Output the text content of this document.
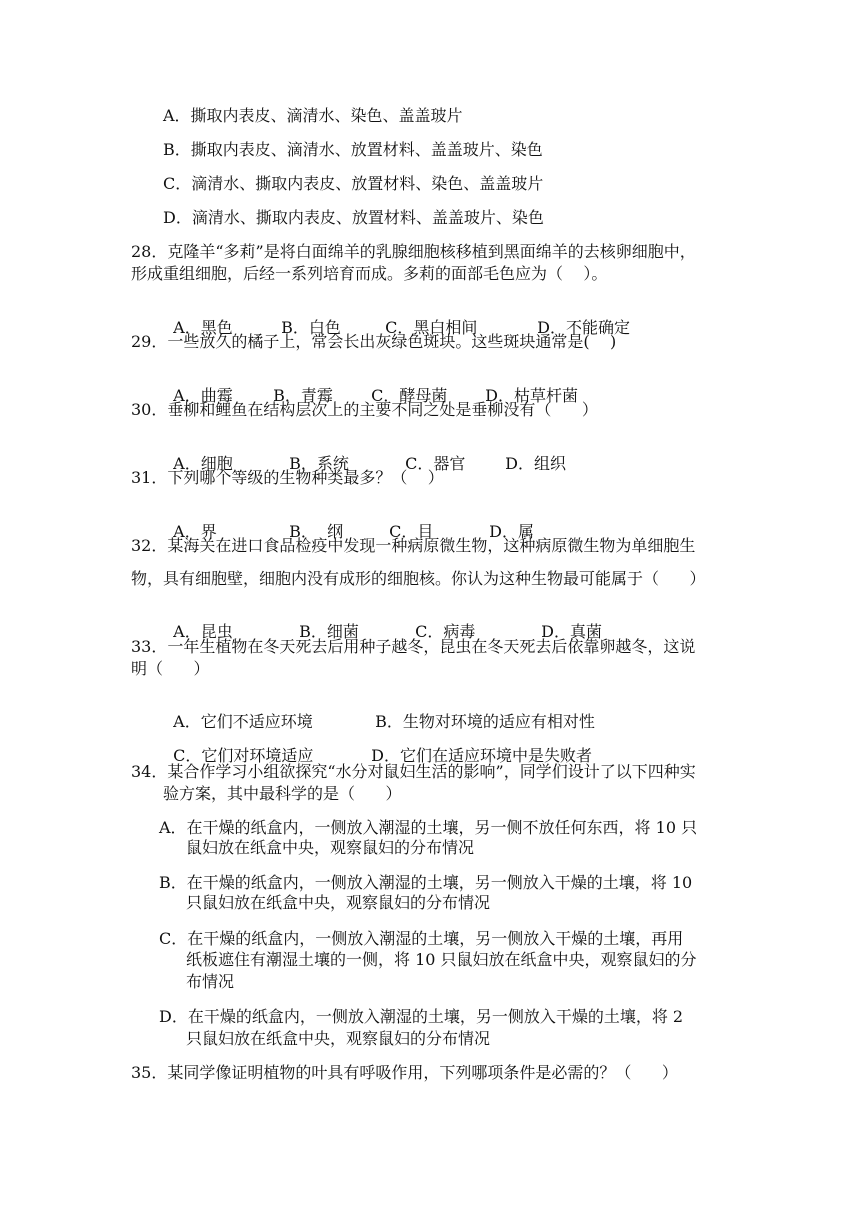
A．撕取内表皮、滴清水、染色、盖盖玻片
B．撕取内表皮、滴清水、放置材料、盖盖玻片、染色
C．滴清水、撕取内表皮、放置材料、染色、盖盖玻片
D．滴清水、撕取内表皮、放置材料、盖盖玻片、染色
28．克隆羊“多莉”是将白面绵羊的乳腺细胞核移植到黑面绵羊的去核卵细胞中，
形成重组细胞，后经一系列培育而成。多莉的面部毛色应为（    ）。

A．黑色	B．白色	C．黑白相间	D．不能确定

29．一些放久的橘子上，常会长出灰绿色斑块。这些斑块通常是(    )

A．曲霉	B．青霉 C．酵母菌 D．枯草杆菌

30．垂柳和鲤鱼在结构层次上的主要不同之处是垂柳没有（      ）

A．细胞	B．系统	C．器官 D．组织

31．下列哪个等级的生物种类最多？（    ）

A．界	B．  纲	C．目	D．属

32．某海关在进口食品检疫中发现一种病原微生物，这种病原微生物为单细胞生
物，具有细胞壁，细胞内没有成形的细胞核。你认为这种生物最可能属于（      ）

A．昆虫	B．细菌	C．病毒	D．真菌

33．一年生植物在冬天死去后用种子越冬，昆虫在冬天死去后依靠卵越冬，这说
明（      ）

A．它们不适应环境	B．生物对环境的适应有相对性

C．它们对环境适应	D．它们在适应环境中是失败者

34．某合作学习小组欲探究“水分对鼠妇生活的影响”，同学们设计了以下四种实
验方案，其中最科学的是（      ）
A．在干燥的纸盒内，一侧放入潮湿的土壤，另一侧不放任何东西，将 10 只
鼠妇放在纸盒中央，观察鼠妇的分布情况
B．在干燥的纸盒内，一侧放入潮湿的土壤，另一侧放入干燥的土壤，将 10
只鼠妇放在纸盒中央，观察鼠妇的分布情况
C．在干燥的纸盒内，一侧放入潮湿的土壤，另一侧放入干燥的土壤，再用
纸板遮住有潮湿土壤的一侧，将 10 只鼠妇放在纸盒中央，观察鼠妇的分
布情况
D．在干燥的纸盒内，一侧放入潮湿的土壤，另一侧放入干燥的土壤，将 2
只鼠妇放在纸盒中央，观察鼠妇的分布情况
35．某同学像证明植物的叶具有呼吸作用，下列哪项条件是必需的？（      ）
